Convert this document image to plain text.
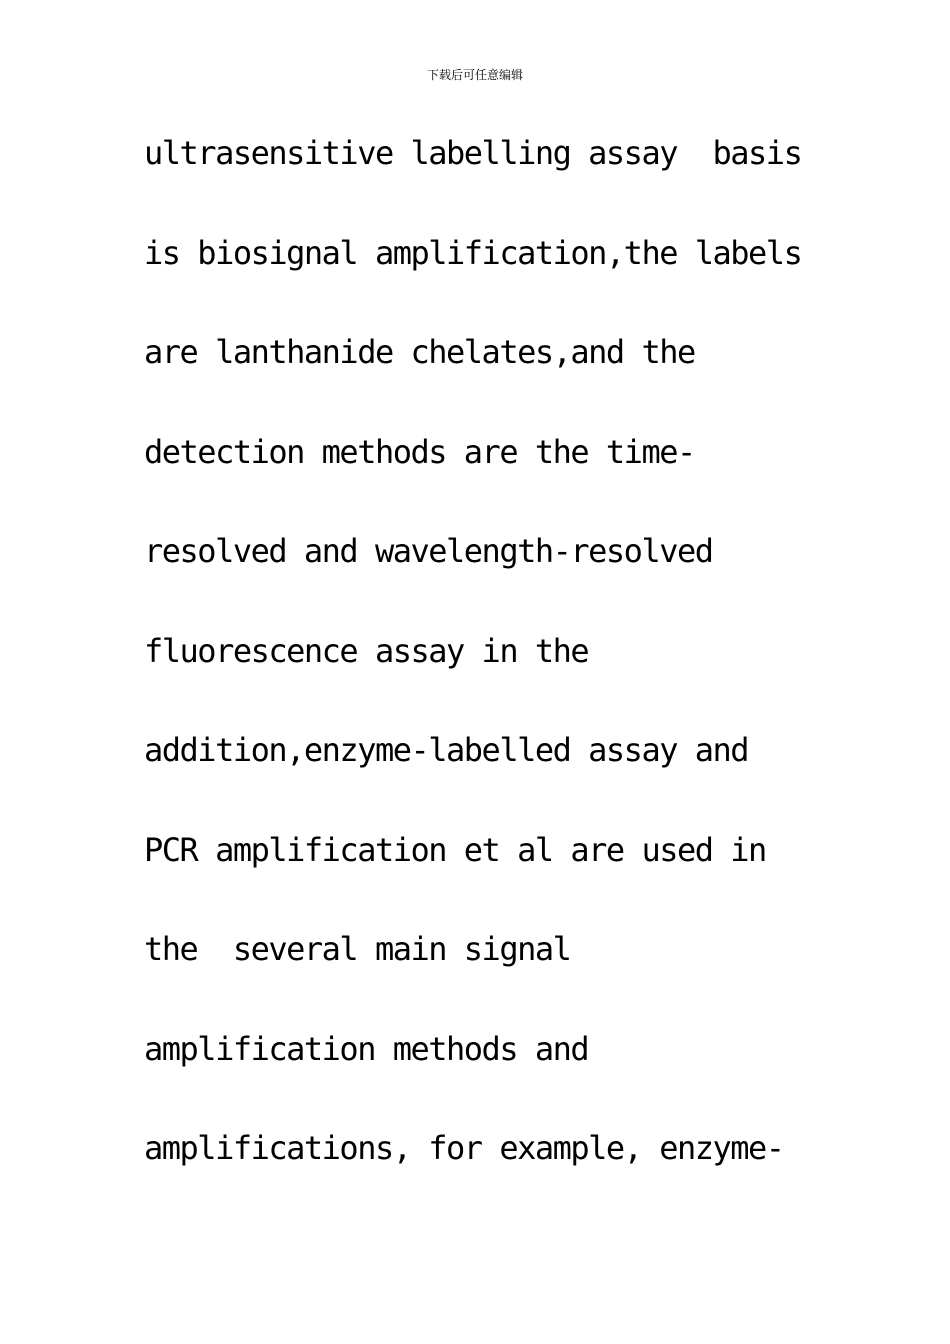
下载后可任意编辑
ultrasensitive labelling assay  basis
is biosignal amplification,the labels
are lanthanide chelates,and the
detection methods are the time-
resolved and wavelength-resolved
fluorescence assay in the
addition,enzyme-labelled assay and
PCR amplification et al are used in
the  several main signal
amplification methods and
amplifications, for example, enzyme-
